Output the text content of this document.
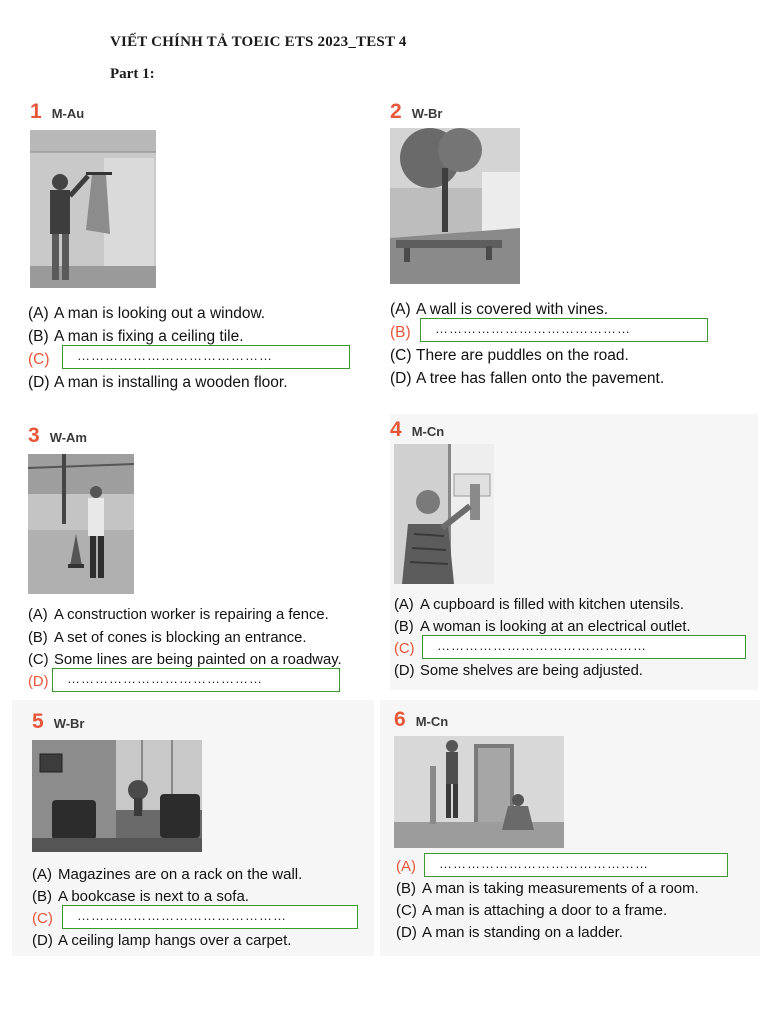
VIẾT CHÍNH TẢ TOEIC ETS 2023_TEST 4
Part 1:
1 M-Au
(A) A man is looking out a window.
(B) A man is fixing a ceiling tile.
(C)	……………………………………
(D) A man is installing a wooden floor.
2 W-Br
(A) A wall is covered with vines.
(B)	……………………………………
(C) There are puddles on the road.
(D) A tree has fallen onto the pavement.
3 W-Am
(A) A construction worker is repairing a fence.
(B) A set of cones is blocking an entrance.
(C) Some lines are being painted on a roadway.
(D)	……………………………………
4 M-Cn
(A) A cupboard is filled with kitchen utensils.
(B) A woman is looking at an electrical outlet.
(C)	………………………………………
(D) Some shelves are being adjusted.
5 W-Br
(A) Magazines are on a rack on the wall.
(B) A bookcase is next to a sofa.
(C)	………………………………………
(D) A ceiling lamp hangs over a carpet.
6 M-Cn
(A)	………………………………………
(B) A man is taking measurements of a room.
(C) A man is attaching a door to a frame.
(D) A man is standing on a ladder.
